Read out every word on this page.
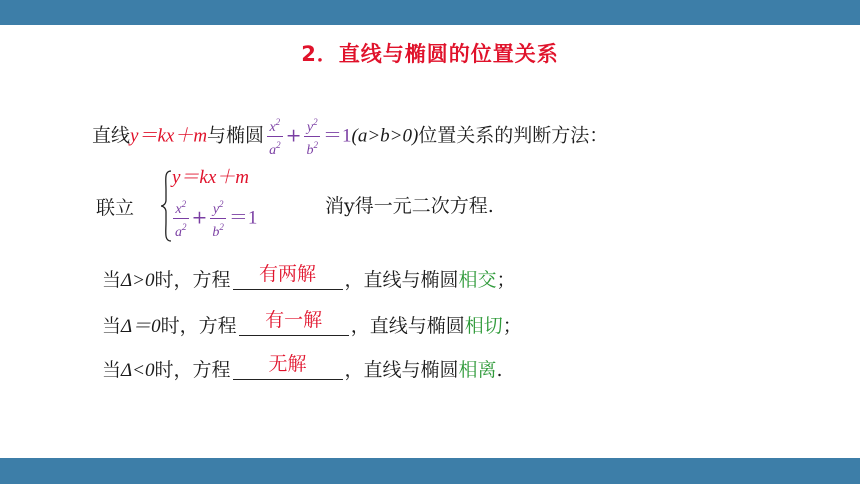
2．直线与椭圆的位置关系
直线y＝kx＋m与椭圆 $\frac{x^2}{a^2} + \frac{y^2}{b^2} =1(a>b>0)$位置关系的判断方法：
联立
y＝kx＋m
$\frac{x^2}{a^2} + \frac{y^2}{b^2} =1$
消y得一元二次方程.
当Δ>0时，方程	有两解	，直线与椭圆相交；
当Δ＝0时，方程	有一解	，直线与椭圆相切；
当Δ<0时，方程	无解	，直线与椭圆相离.
